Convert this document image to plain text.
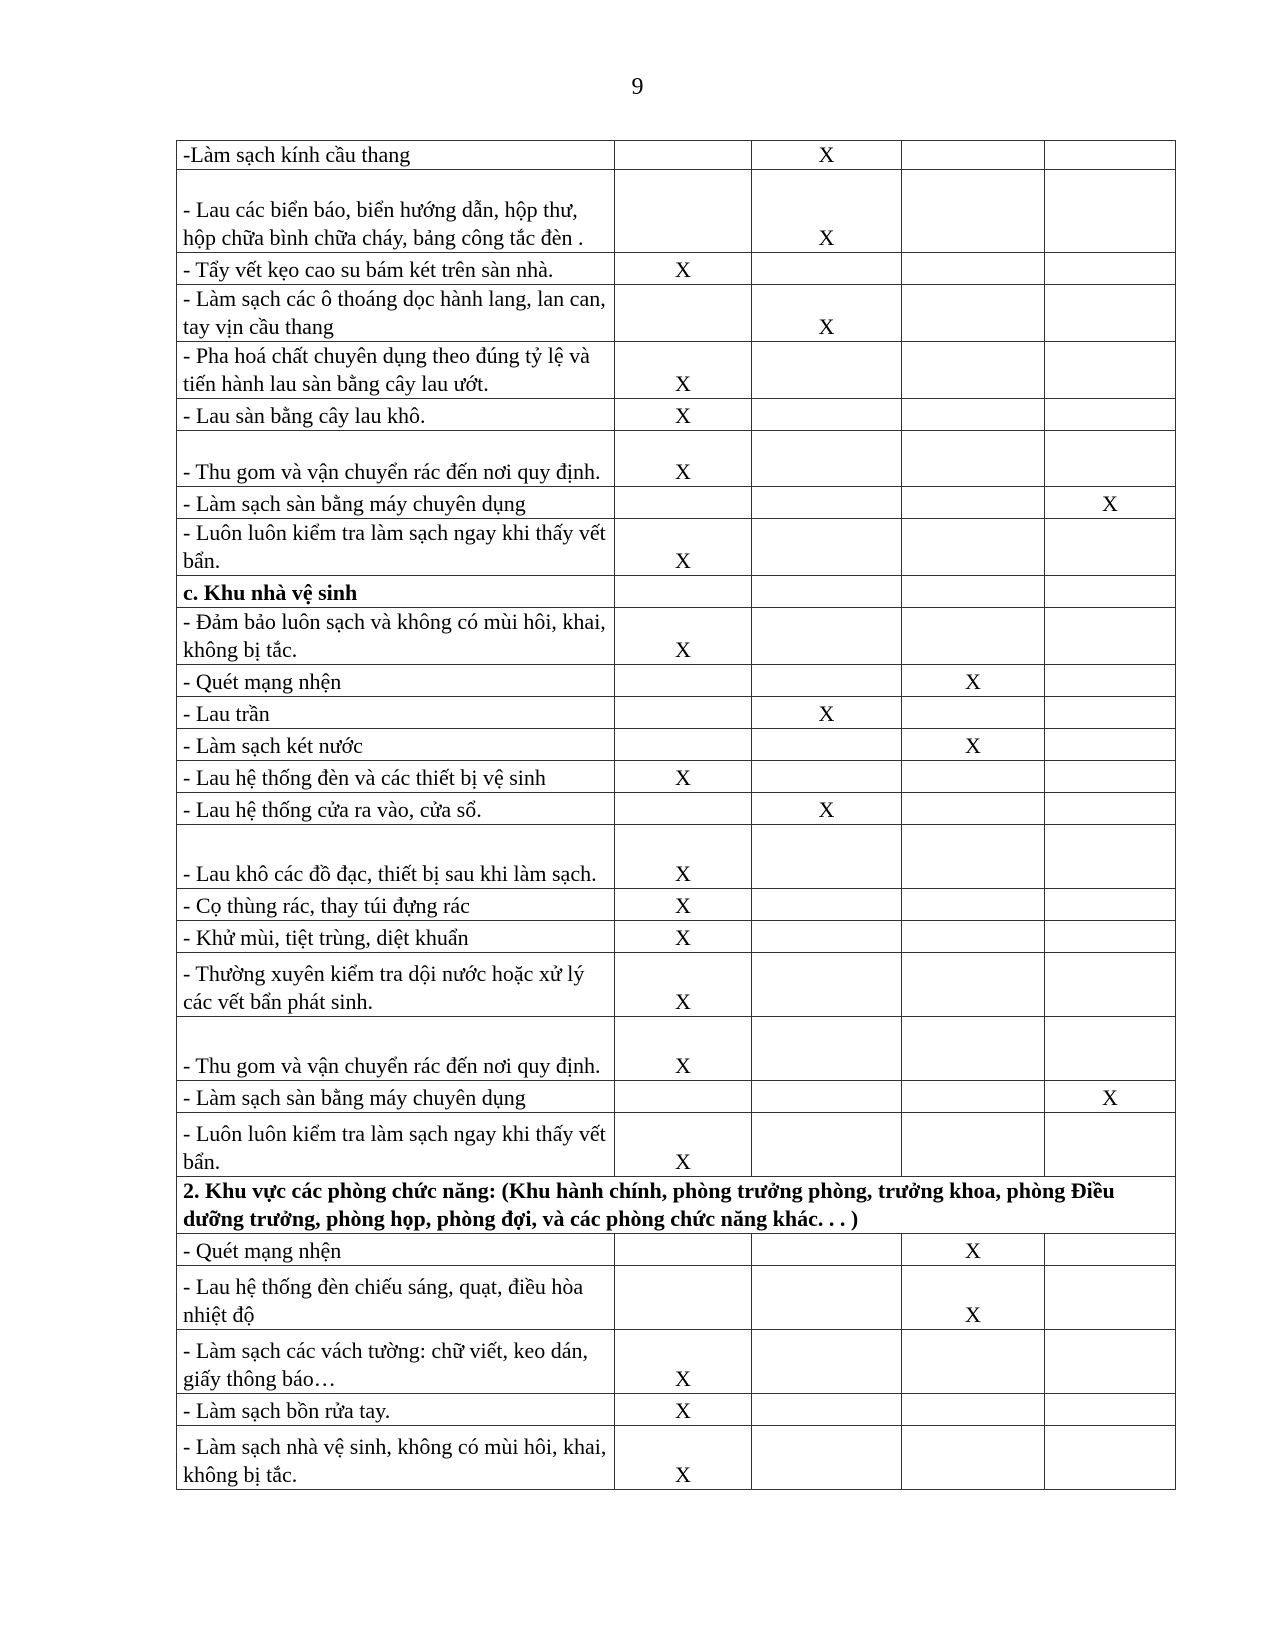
9
-Làm sạch kính cầu thang		X		
- Lau các biển báo, biển hướng dẫn, hộp thư, hộp chữa bình chữa cháy, bảng công tắc đèn .		X		
- Tẩy vết kẹo cao su bám két trên sàn nhà.	X			
- Làm sạch các ô thoáng dọc hành lang, lan can, tay vịn cầu thang		X		
- Pha hoá chất chuyên dụng theo đúng tỷ lệ và tiến hành lau sàn bằng cây lau ướt.	X			
- Lau sàn bằng cây lau khô.	X			
- Thu gom và vận chuyển rác đến nơi quy định.	X			
- Làm sạch sàn bằng máy chuyên dụng				X
- Luôn luôn kiểm tra làm sạch ngay khi thấy vết bẩn.	X			
c. Khu nhà vệ sinh				
- Đảm bảo luôn sạch và không có mùi hôi, khai, không bị tắc.	X			
- Quét mạng nhện			X	
- Lau trần		X		
- Làm sạch két nước			X	
- Lau hệ thống đèn và các thiết bị vệ sinh	X			
- Lau hệ thống cửa ra vào, cửa sổ.		X		
- Lau khô các đồ đạc, thiết bị sau khi làm sạch.	X			
- Cọ thùng rác, thay túi đựng rác	X			
- Khử mùi, tiệt trùng, diệt khuẩn	X			
- Thường xuyên kiểm tra dội nước hoặc xử lý các vết bẩn phát sinh.	X			
- Thu gom và vận chuyển rác đến nơi quy định.	X			
- Làm sạch sàn bằng máy chuyên dụng				X
- Luôn luôn kiểm tra làm sạch ngay khi thấy vết bẩn.	X			
2. Khu vực các phòng chức năng: (Khu hành chính, phòng trưởng phòng, trưởng khoa, phòng Điều dưỡng trưởng, phòng họp, phòng đợi, và các phòng chức năng khác. . . )				
- Quét mạng nhện			X	
- Lau hệ thống đèn chiếu sáng, quạt, điều hòa nhiệt độ			X	
- Làm sạch các vách tường: chữ viết, keo dán, giấy thông báo…	X			
- Làm sạch bồn rửa tay.	X			
- Làm sạch nhà vệ sinh, không có mùi hôi, khai, không bị tắc.	X			
